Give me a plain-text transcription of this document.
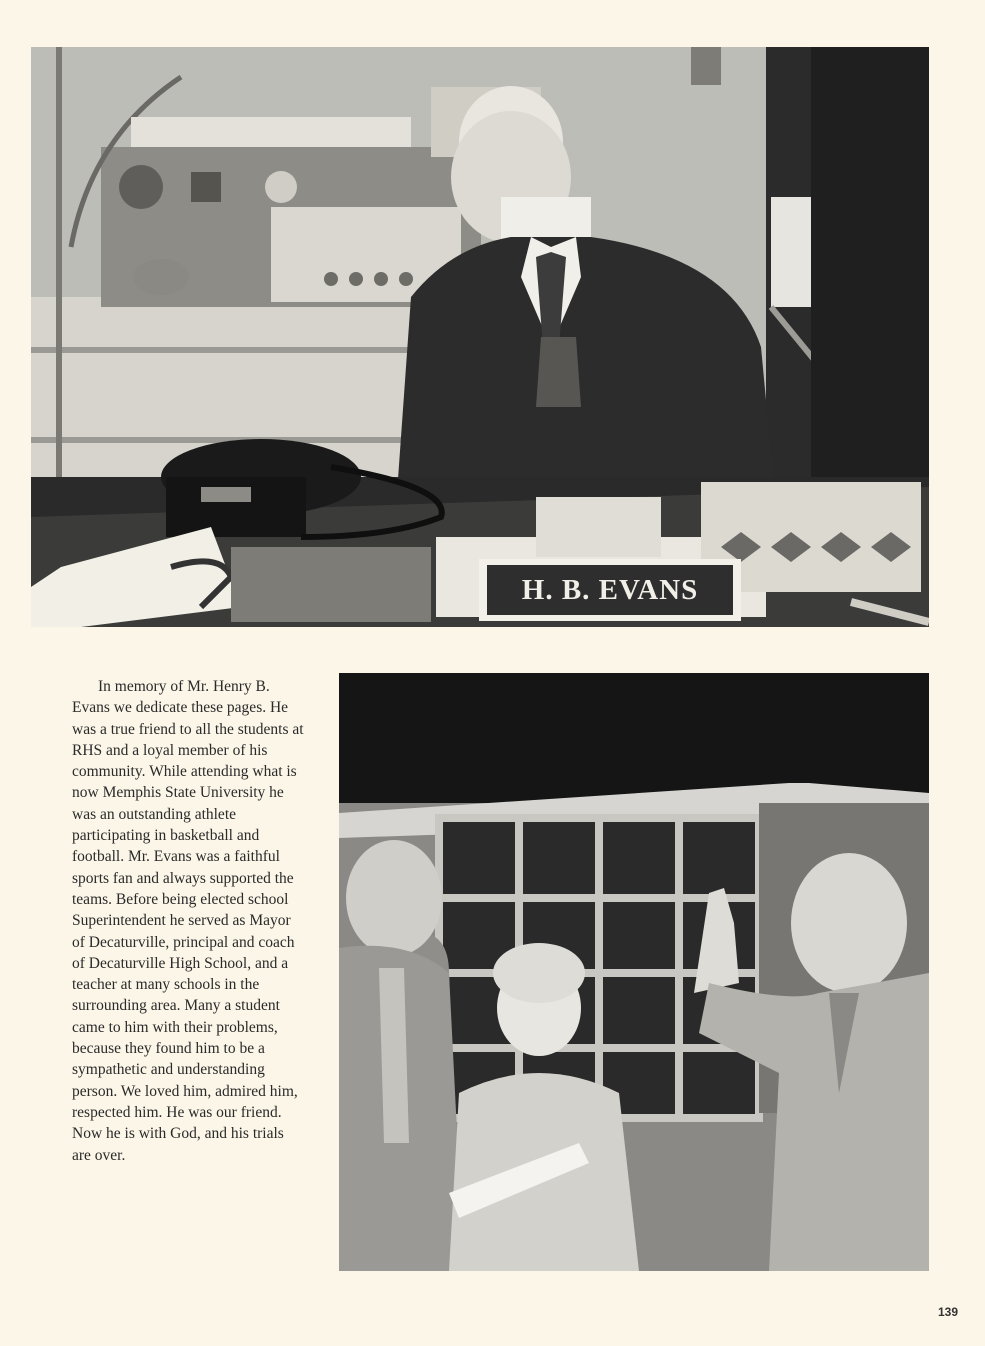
H. B. EVANS

In memory of Mr. Henry B. Evans we dedicate these pages. He was a true friend to all the students at RHS and a loyal member of his community. While attending what is now Memphis State University he was an outstanding athlete participating in basketball and football. Mr. Evans was a faithful sports fan and always supported the teams. Before being elected school Superintendent he served as Mayor of Decaturville, principal and coach of Decaturville High School, and a teacher at many schools in the surrounding area. Many a student came to him with their problems, because they found him to be a sympathetic and understanding person. We loved him, admired him, respected him. He was our friend. Now he is with God, and his trials are over.

139
